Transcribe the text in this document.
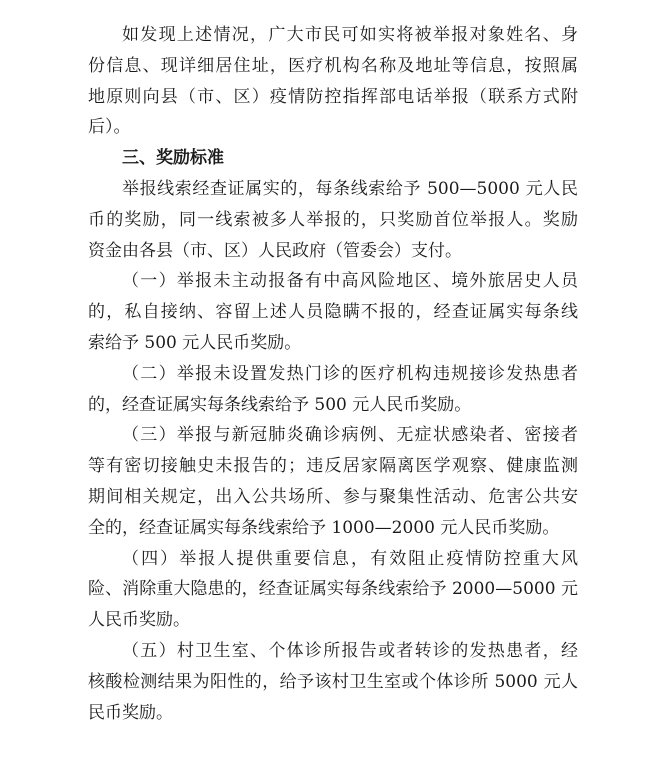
如发现上述情况，广大市民可如实将被举报对象姓名、身
份信息、现详细居住址，医疗机构名称及地址等信息，按照属
地原则向县（市、区）疫情防控指挥部电话举报（联系方式附
后）。
三、奖励标准
举报线索经查证属实的，每条线索给予 500—5000 元人民
币的奖励，同一线索被多人举报的，只奖励首位举报人。奖励
资金由各县（市、区）人民政府（管委会）支付。
（一）举报未主动报备有中高风险地区、境外旅居史人员
的，私自接纳、容留上述人员隐瞒不报的，经查证属实每条线
索给予 500 元人民币奖励。
（二）举报未设置发热门诊的医疗机构违规接诊发热患者
的，经查证属实每条线索给予 500 元人民币奖励。
（三）举报与新冠肺炎确诊病例、无症状感染者、密接者
等有密切接触史未报告的；违反居家隔离医学观察、健康监测
期间相关规定，出入公共场所、参与聚集性活动、危害公共安
全的，经查证属实每条线索给予 1000—2000 元人民币奖励。
（四）举报人提供重要信息，有效阻止疫情防控重大风
险、消除重大隐患的，经查证属实每条线索给予 2000—5000 元
人民币奖励。
（五）村卫生室、个体诊所报告或者转诊的发热患者，经
核酸检测结果为阳性的，给予该村卫生室或个体诊所 5000 元人
民币奖励。
